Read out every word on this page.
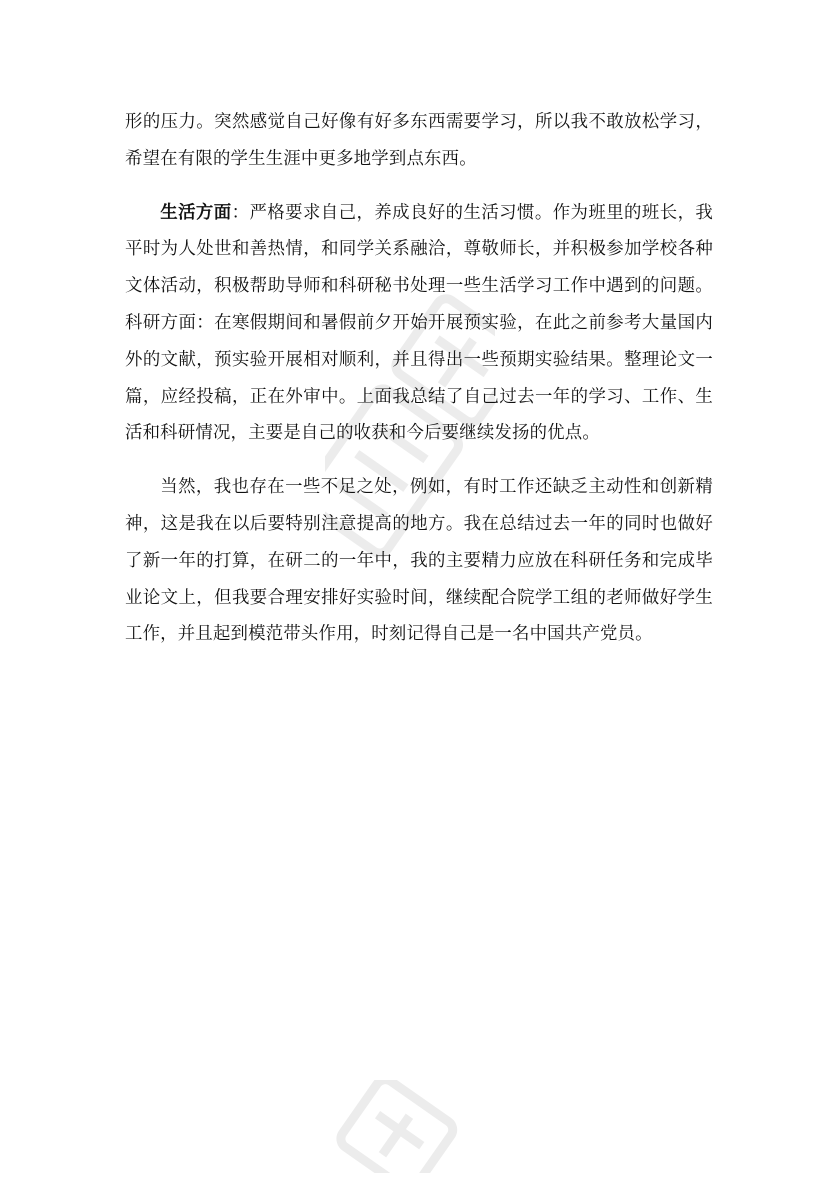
形的压力。突然感觉自己好像有好多东西需要学习，所以我不敢放松学习，希望在有限的学生生涯中更多地学到点东西。

生活方面：严格要求自己，养成良好的生活习惯。作为班里的班长，我平时为人处世和善热情，和同学关系融洽，尊敬师长，并积极参加学校各种文体活动，积极帮助导师和科研秘书处理一些生活学习工作中遇到的问题。科研方面：在寒假期间和暑假前夕开始开展预实验，在此之前参考大量国内外的文献，预实验开展相对顺利，并且得出一些预期实验结果。整理论文一篇，应经投稿，正在外审中。上面我总结了自己过去一年的学习、工作、生活和科研情况，主要是自己的收获和今后要继续发扬的优点。

当然，我也存在一些不足之处，例如，有时工作还缺乏主动性和创新精神，这是我在以后要特别注意提高的地方。我在总结过去一年的同时也做好了新一年的打算，在研二的一年中，我的主要精力应放在科研任务和完成毕业论文上，但我要合理安排好实验时间，继续配合院学工组的老师做好学生工作，并且起到模范带头作用，时刻记得自己是一名中国共产党员。
